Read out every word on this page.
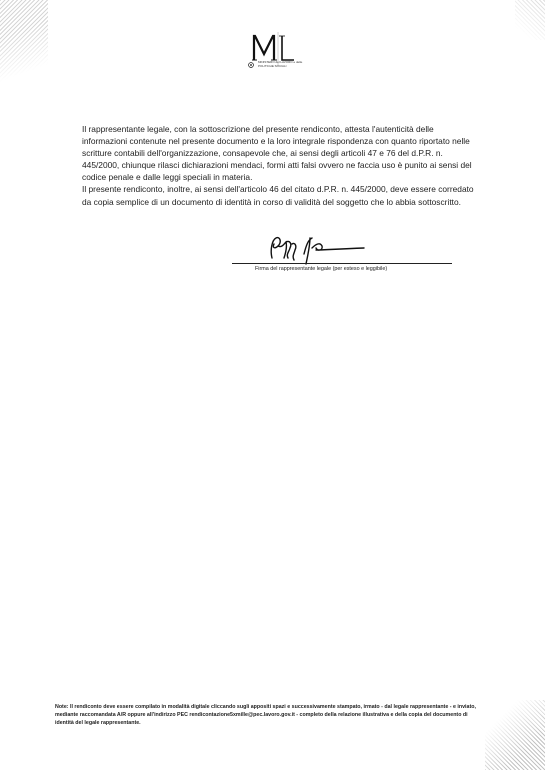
MINISTERO del LAVORO e delle POLITICHE SOCIALI

Il rappresentante legale, con la sottoscrizione del presente rendiconto, attesta l'autenticità delle informazioni contenute nel presente documento e la loro integrale rispondenza con quanto riportato nelle scritture contabili dell'organizzazione, consapevole che, ai sensi degli articoli 47 e 76 del d.P.R. n. 445/2000, chiunque rilasci dichiarazioni mendaci, formi atti falsi ovvero ne faccia uso è punito ai sensi del codice penale e dalle leggi speciali in materia.

Il presente rendiconto, inoltre, ai sensi dell'articolo 46 del citato d.P.R. n. 445/2000, deve essere corredato da copia semplice di un documento di identità in corso di validità del soggetto che lo abbia sottoscritto.

Firma del rappresentante legale (per esteso e leggibile)

Note: Il rendiconto deve essere compilato in modalità digitale cliccando sugli appositi spazi e successivamente stampato, irmato - dal legale rappresentante - e inviato, mediante raccomandata A/R oppure all'indirizzo PEC rendicontazione5xmille@pec.lavoro.gov.it - completo della relazione illustrativa e della copia del documento di identità del legale rappresentante.
